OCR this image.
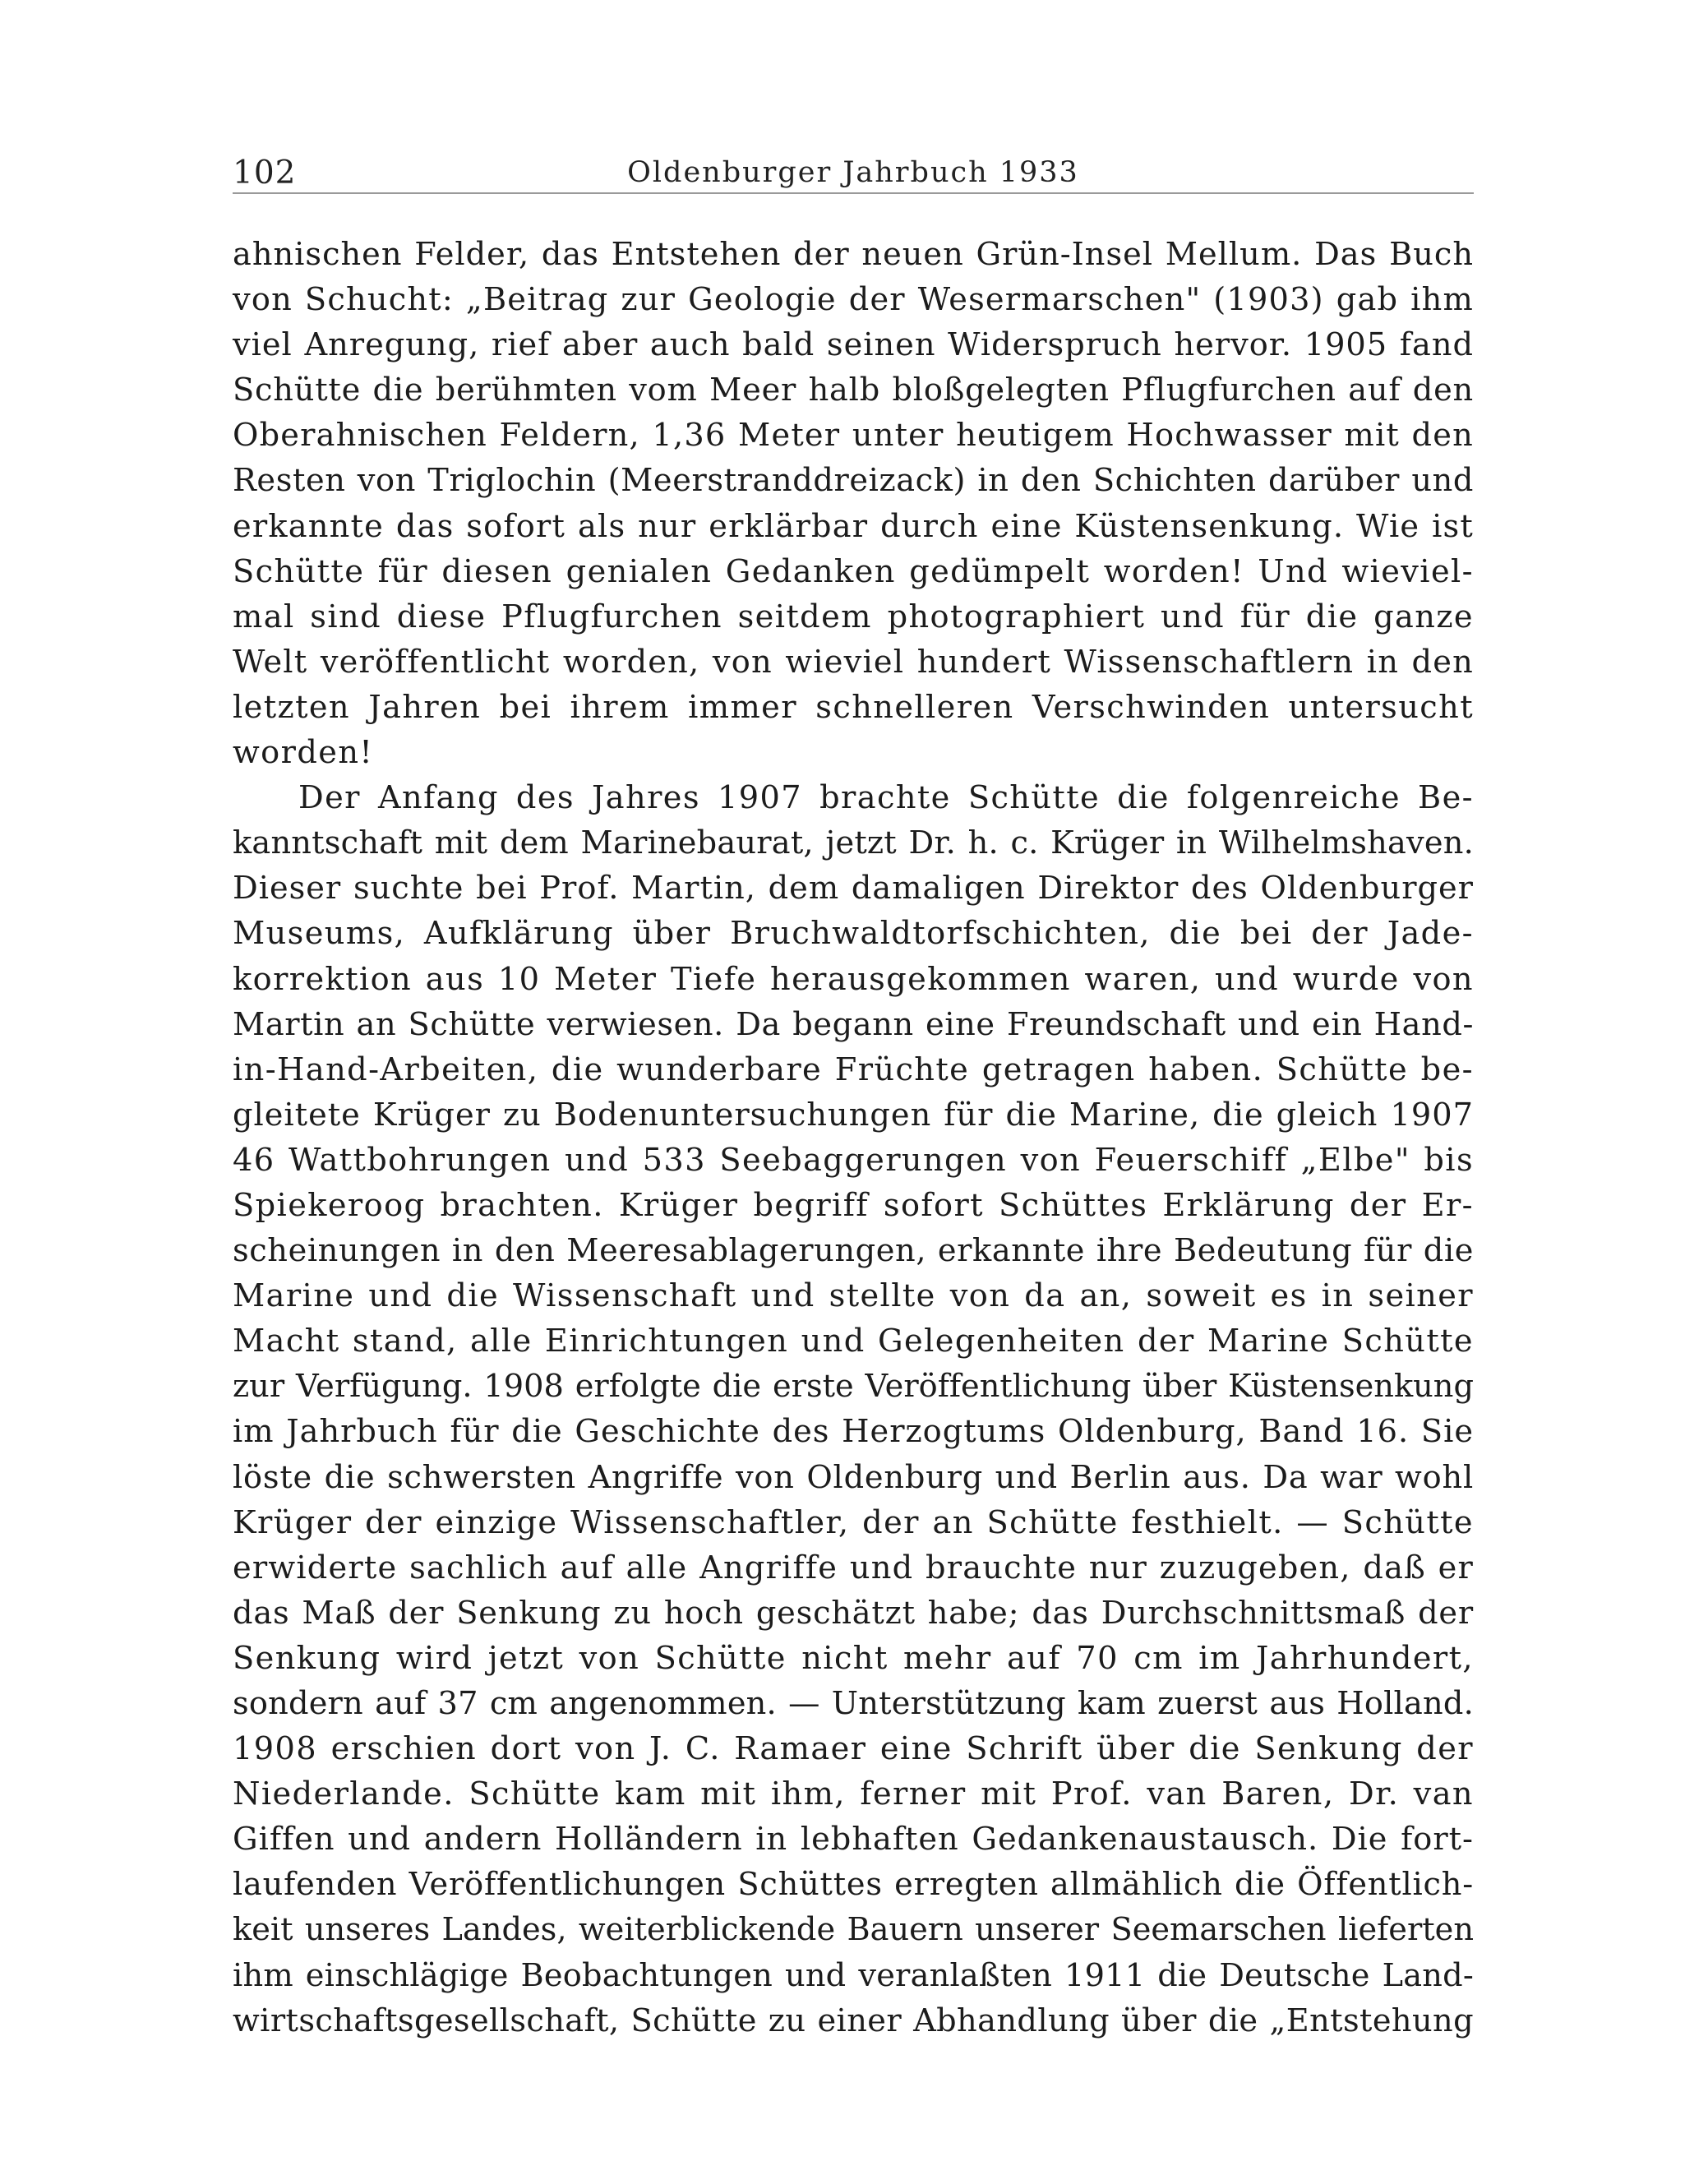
102	Oldenburger Jahrbuch 1933
ahnischen Felder, das Entstehen der neuen Grün-Insel Mellum. Das Buch
von Schucht: „Beitrag zur Geologie der Wesermarschen" (1903) gab ihm
viel Anregung, rief aber auch bald seinen Widerspruch hervor. 1905 fand
Schütte die berühmten vom Meer halb bloßgelegten Pflugfurchen auf den
Oberahnischen Feldern, 1,36 Meter unter heutigem Hochwasser mit den
Resten von Triglochin (Meerstranddreizack) in den Schichten darüber und
erkannte das sofort als nur erklärbar durch eine Küstensenkung. Wie ist
Schütte für diesen genialen Gedanken gedümpelt worden! Und wieviel-
mal sind diese Pflugfurchen seitdem photographiert und für die ganze
Welt veröffentlicht worden, von wieviel hundert Wissenschaftlern in den
letzten Jahren bei ihrem immer schnelleren Verschwinden untersucht
worden!
Der Anfang des Jahres 1907 brachte Schütte die folgenreiche Be-
kanntschaft mit dem Marinebaurat, jetzt Dr. h. c. Krüger in Wilhelmshaven.
Dieser suchte bei Prof. Martin, dem damaligen Direktor des Oldenburger
Museums, Aufklärung über Bruchwaldtorfschichten, die bei der Jade-
korrektion aus 10 Meter Tiefe herausgekommen waren, und wurde von
Martin an Schütte verwiesen. Da begann eine Freundschaft und ein Hand-
in-Hand-Arbeiten, die wunderbare Früchte getragen haben. Schütte be-
gleitete Krüger zu Bodenuntersuchungen für die Marine, die gleich 1907
46 Wattbohrungen und 533 Seebaggerungen von Feuerschiff „Elbe" bis
Spiekeroog brachten. Krüger begriff sofort Schüttes Erklärung der Er-
scheinungen in den Meeresablagerungen, erkannte ihre Bedeutung für die
Marine und die Wissenschaft und stellte von da an, soweit es in seiner
Macht stand, alle Einrichtungen und Gelegenheiten der Marine Schütte
zur Verfügung. 1908 erfolgte die erste Veröffentlichung über Küstensenkung
im Jahrbuch für die Geschichte des Herzogtums Oldenburg, Band 16. Sie
löste die schwersten Angriffe von Oldenburg und Berlin aus. Da war wohl
Krüger der einzige Wissenschaftler, der an Schütte festhielt. — Schütte
erwiderte sachlich auf alle Angriffe und brauchte nur zuzugeben, daß er
das Maß der Senkung zu hoch geschätzt habe; das Durchschnittsmaß der
Senkung wird jetzt von Schütte nicht mehr auf 70 cm im Jahrhundert,
sondern auf 37 cm angenommen. — Unterstützung kam zuerst aus Holland.
1908 erschien dort von J. C. Ramaer eine Schrift über die Senkung der
Niederlande. Schütte kam mit ihm, ferner mit Prof. van Baren, Dr. van
Giffen und andern Holländern in lebhaften Gedankenaustausch. Die fort-
laufenden Veröffentlichungen Schüttes erregten allmählich die Öffentlich-
keit unseres Landes, weiterblickende Bauern unserer Seemarschen lieferten
ihm einschlägige Beobachtungen und veranlaßten 1911 die Deutsche Land-
wirtschaftsgesellschaft, Schütte zu einer Abhandlung über die „Entstehung
